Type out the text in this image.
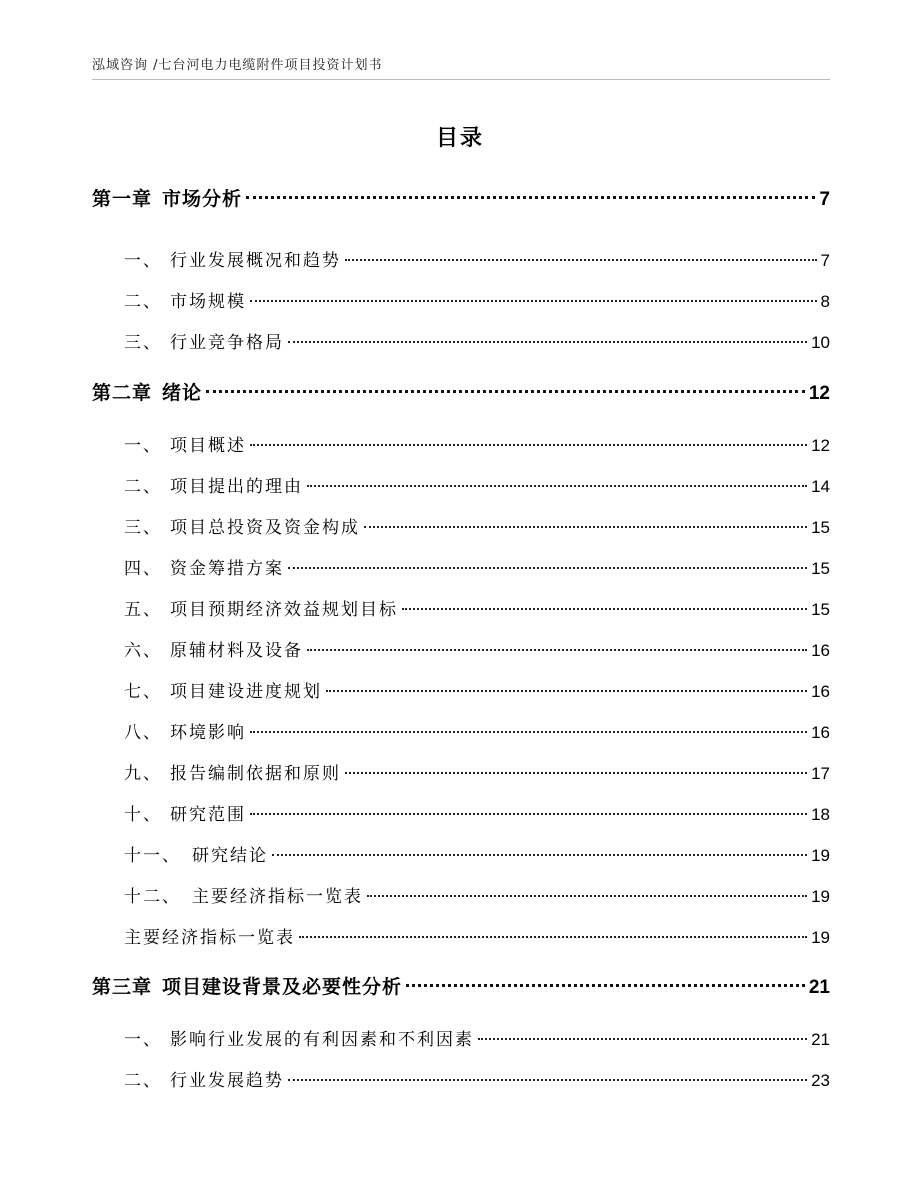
泓域咨询 /七台河电力电缆附件项目投资计划书
目录
第一章 市场分析	7
一、 行业发展概况和趋势	7
二、 市场规模	8
三、 行业竞争格局	10
第二章 绪论	12
一、 项目概述	12
二、 项目提出的理由	14
三、 项目总投资及资金构成	15
四、 资金筹措方案	15
五、 项目预期经济效益规划目标	15
六、 原辅材料及设备	16
七、 项目建设进度规划	16
八、 环境影响	16
九、 报告编制依据和原则	17
十、 研究范围	18
十一、 研究结论	19
十二、 主要经济指标一览表	19
主要经济指标一览表	19
第三章 项目建设背景及必要性分析	21
一、 影响行业发展的有利因素和不利因素	21
二、 行业发展趋势	23
